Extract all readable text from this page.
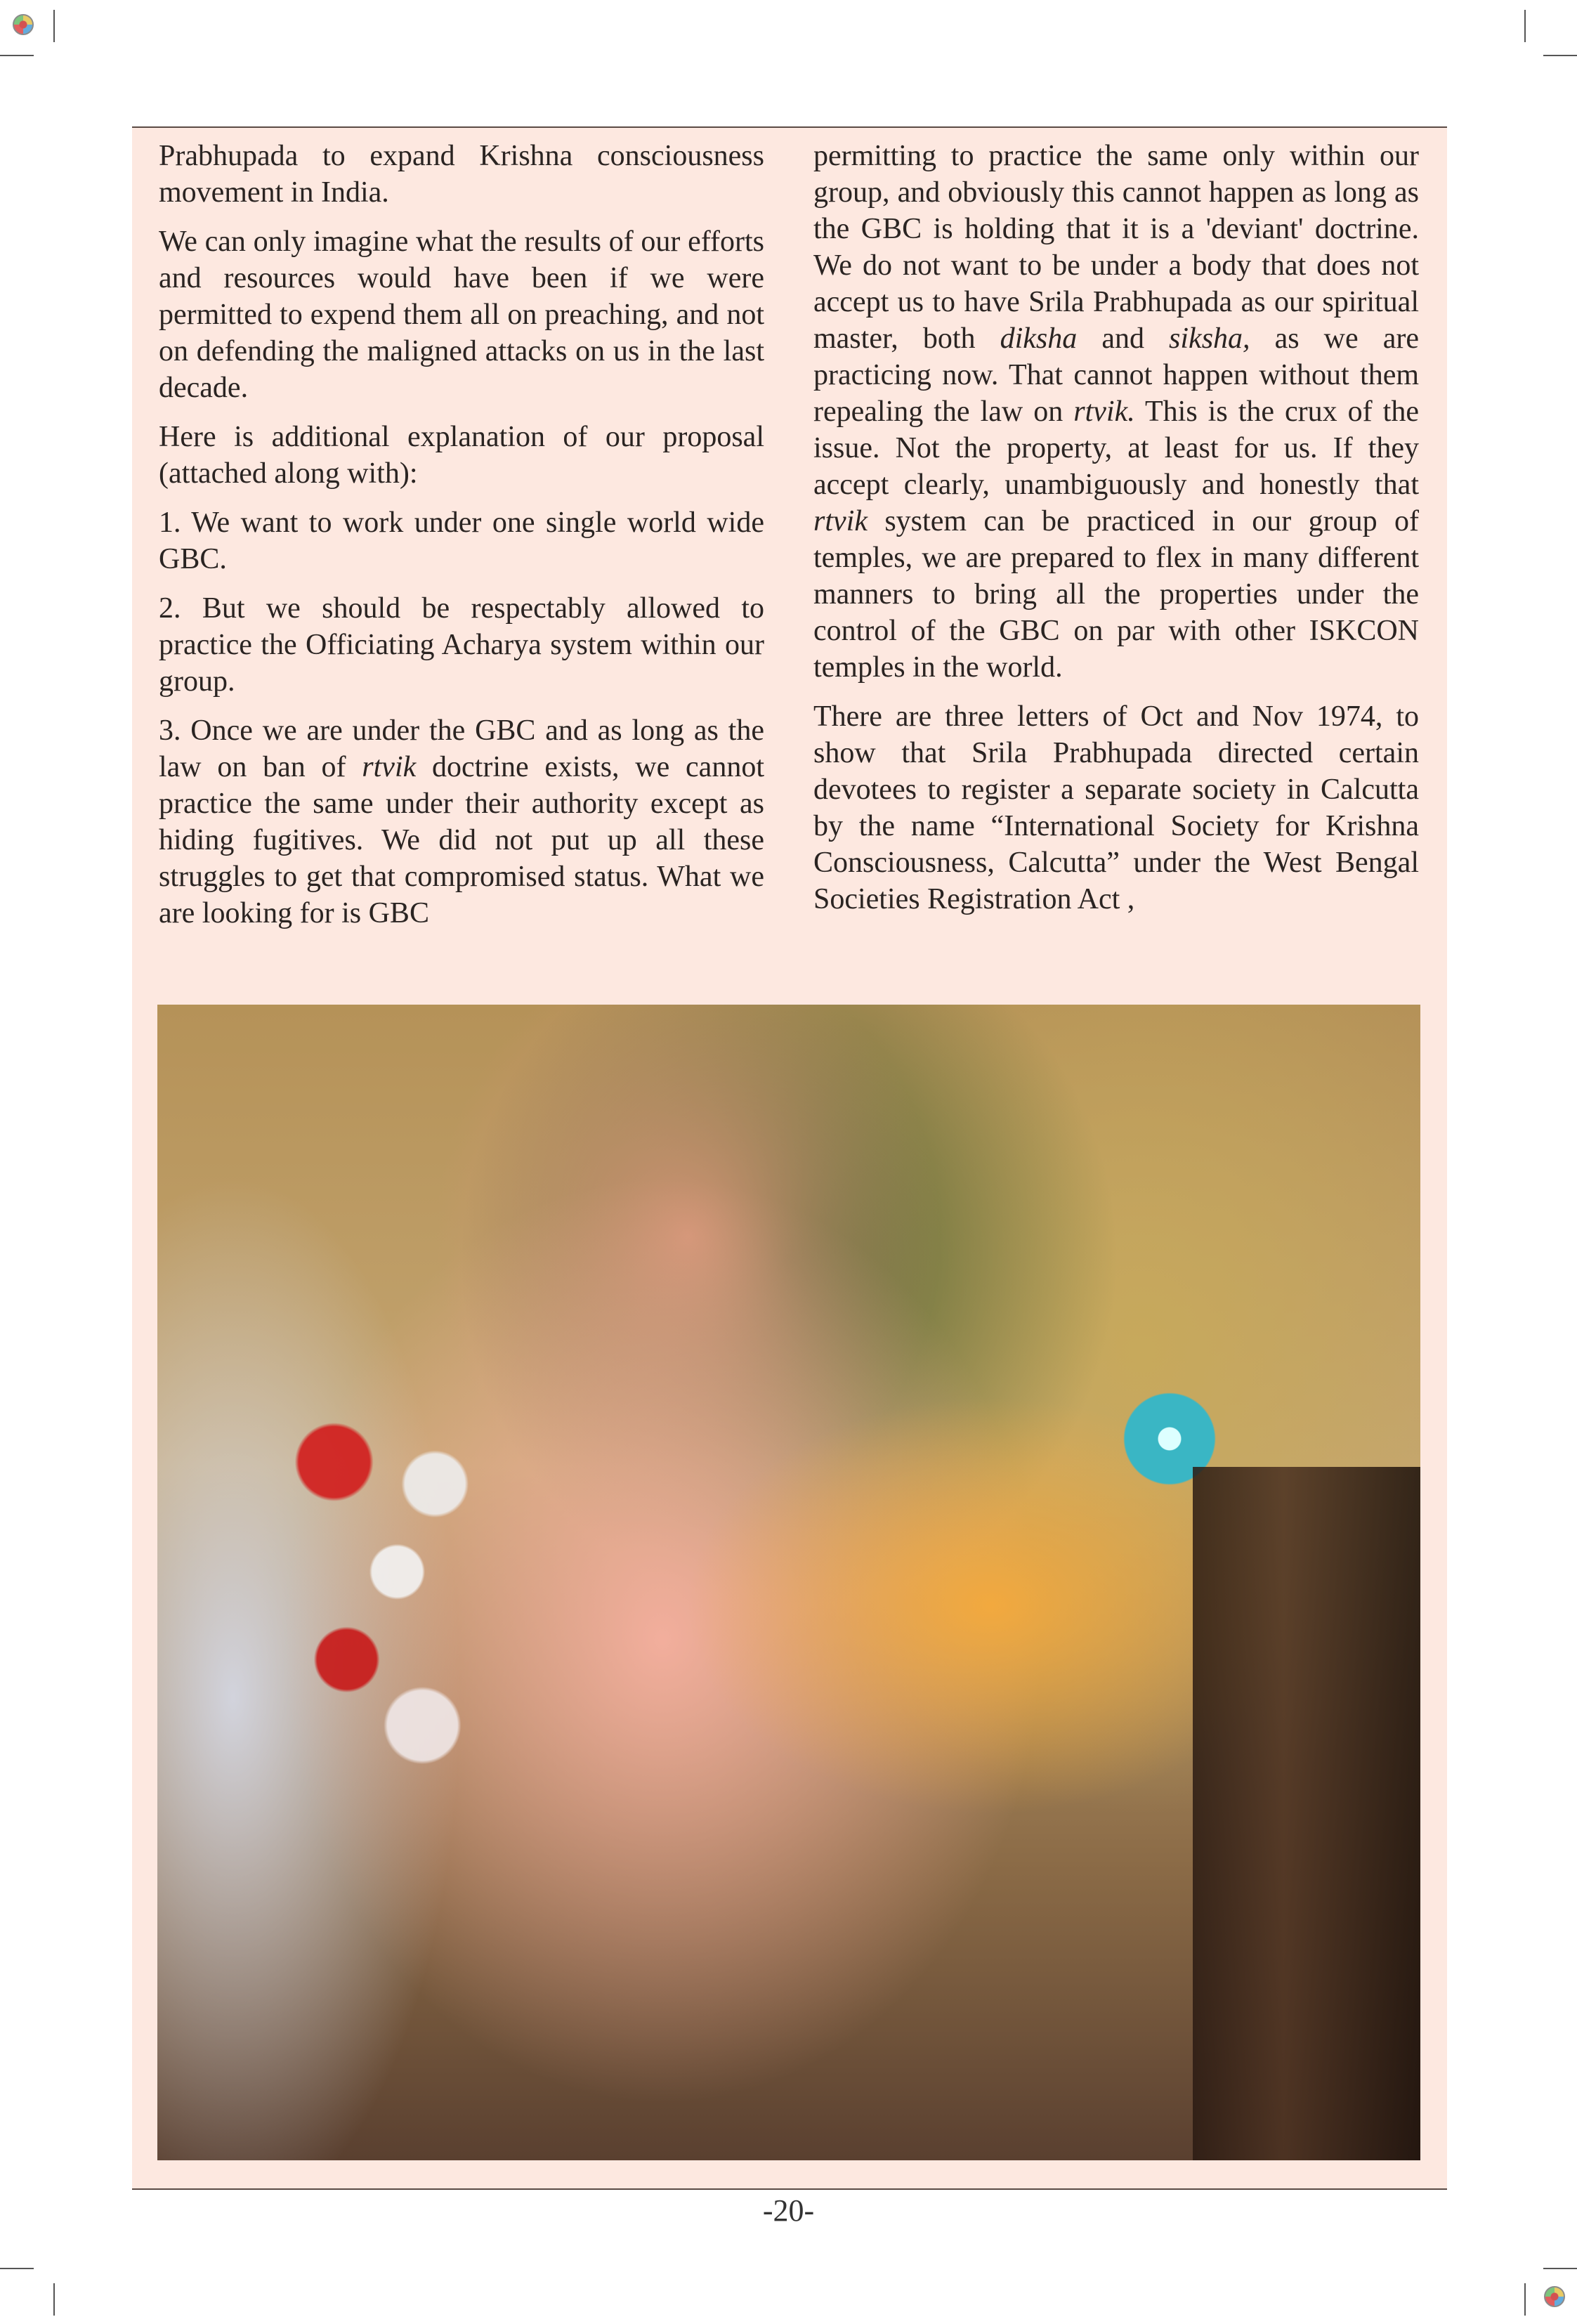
Prabhupada to expand Krishna consciousness movement in India.

We can only imagine what the results of our efforts and resources would have been if we were permitted to expend them all on preaching, and not on defending the maligned attacks on us in the last decade.

Here is additional explanation of our proposal (attached along with):

1. We want to work under one single world wide GBC.

2. But we should be respectably allowed to practice the Officiating Acharya system within our group.

3. Once we are under the GBC and as long as the law on ban of rtvik doctrine exists, we cannot practice the same under their authority except as hiding fugitives. We did not put up all these struggles to get that compromised status. What we are looking for is GBC

permitting to practice the same only within our group, and obviously this cannot happen as long as the GBC is holding that it is a 'deviant' doctrine. We do not want to be under a body that does not accept us to have Srila Prabhupada as our spiritual master, both diksha and siksha, as we are practicing now. That cannot happen without them repealing the law on rtvik. This is the crux of the issue. Not the property, at least for us. If they accept clearly, unambiguously and honestly that rtvik system can be practiced in our group of temples, we are prepared to flex in many different manners to bring all the properties under the control of the GBC on par with other ISKCON temples in the world.

There are three letters of Oct and Nov 1974, to show that Srila Prabhupada directed certain devotees to register a separate society in Calcutta by the name “International Society for Krishna Consciousness, Calcutta” under the West Bengal Societies Registration Act ,

-20-
